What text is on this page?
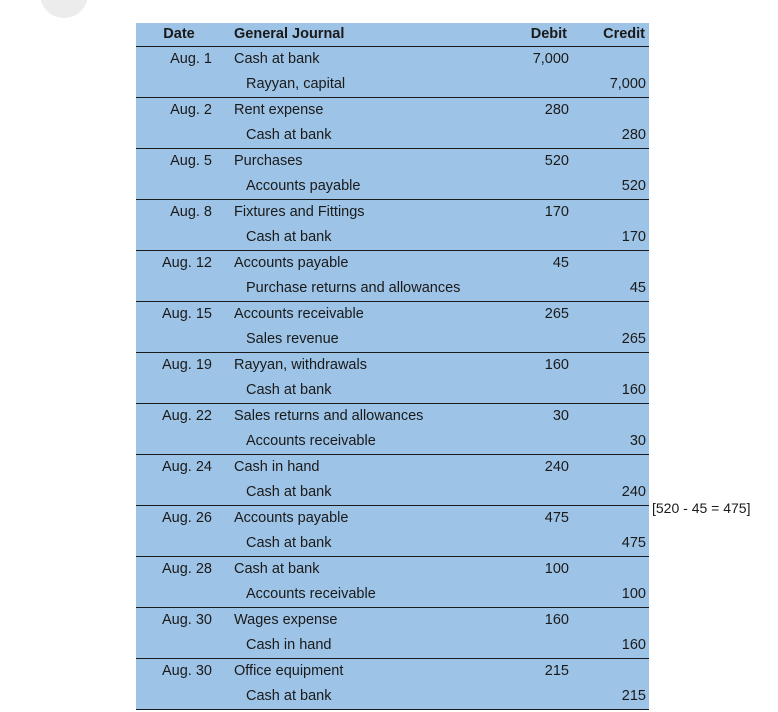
Date	General Journal	Debit	Credit
Aug. 1	Cash at bank	7,000	
	Rayyan, capital		7,000
Aug. 2	Rent expense	280	
	Cash at bank		280
Aug. 5	Purchases	520	
	Accounts payable		520
Aug. 8	Fixtures and Fittings	170	
	Cash at bank		170
Aug. 12	Accounts payable	45	
	Purchase returns and allowances		45
Aug. 15	Accounts receivable	265	
	Sales revenue		265
Aug. 19	Rayyan, withdrawals	160	
	Cash at bank		160
Aug. 22	Sales returns and allowances	30	
	Accounts receivable		30
Aug. 24	Cash in hand	240	
	Cash at bank		240
Aug. 26	Accounts payable	475	
	Cash at bank		475
Aug. 28	Cash at bank	100	
	Accounts receivable		100
Aug. 30	Wages expense	160	
	Cash in hand		160
Aug. 30	Office equipment	215	
	Cash at bank		215
[520 - 45 = 475]
